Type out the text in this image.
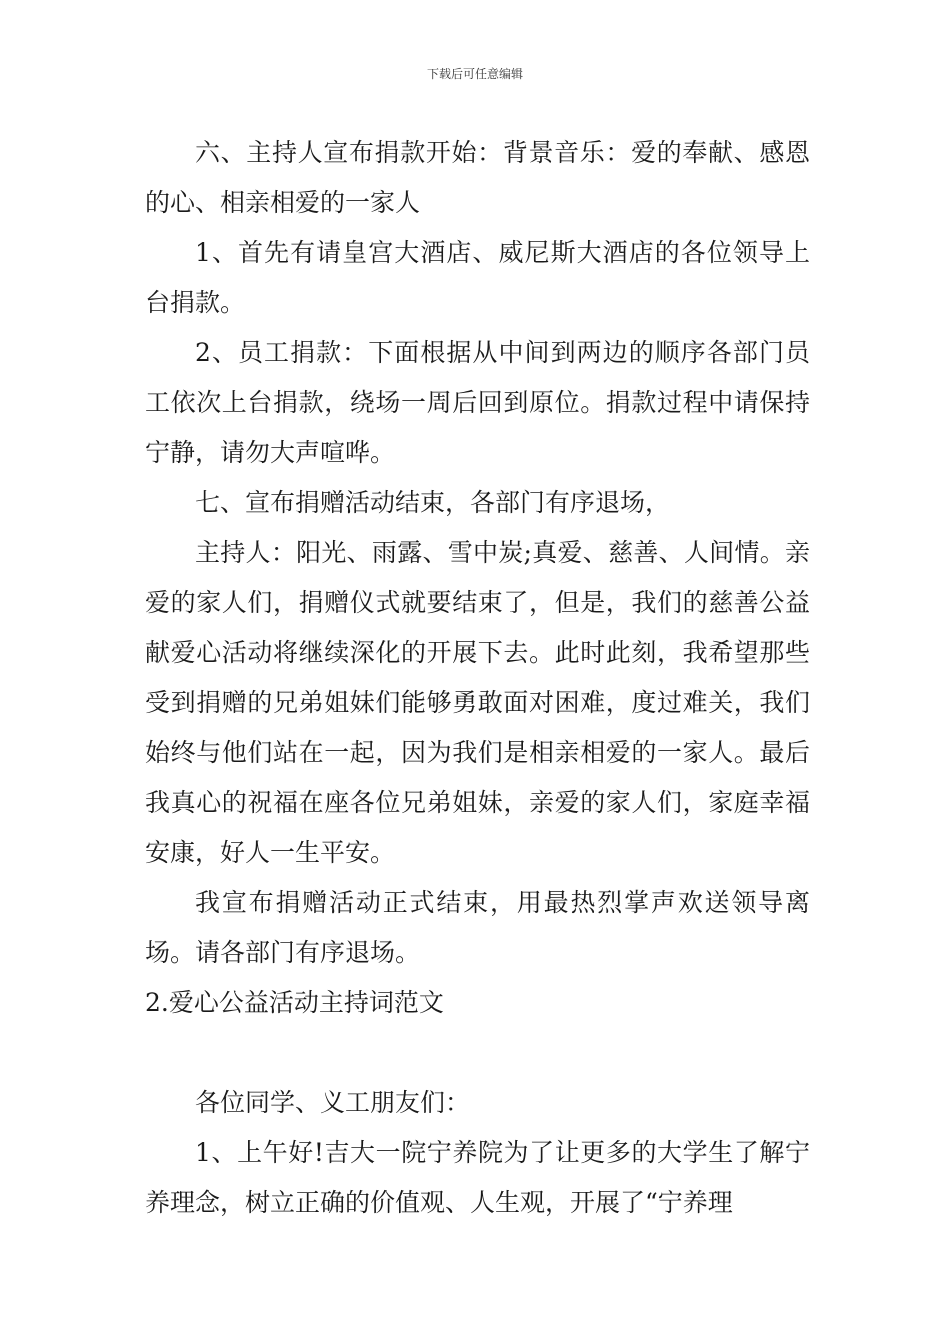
下载后可任意编辑

六、主持人宣布捐款开始：背景音乐：爱的奉献、感恩的心、相亲相爱的一家人

1、首先有请皇宫大酒店、威尼斯大酒店的各位领导上台捐款。

2、员工捐款：下面根据从中间到两边的顺序各部门员工依次上台捐款，绕场一周后回到原位。捐款过程中请保持宁静，请勿大声喧哗。

七、宣布捐赠活动结束，各部门有序退场，

主持人：阳光、雨露、雪中炭;真爱、慈善、人间情。亲爱的家人们，捐赠仪式就要结束了，但是，我们的慈善公益献爱心活动将继续深化的开展下去。此时此刻，我希望那些受到捐赠的兄弟姐妹们能够勇敢面对困难，度过难关，我们始终与他们站在一起，因为我们是相亲相爱的一家人。最后我真心的祝福在座各位兄弟姐妹，亲爱的家人们，家庭幸福安康，好人一生平安。

我宣布捐赠活动正式结束，用最热烈掌声欢送领导离场。请各部门有序退场。

2.爱心公益活动主持词范文

各位同学、义工朋友们：

1、上午好!吉大一院宁养院为了让更多的大学生了解宁养理念，树立正确的价值观、人生观，开展了“宁养理
